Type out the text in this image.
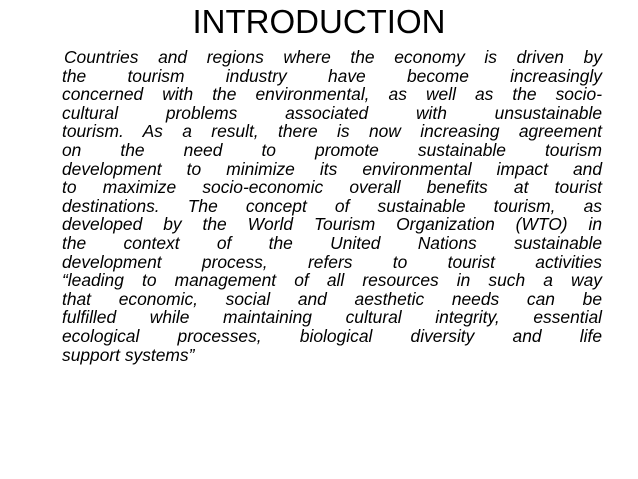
INTRODUCTION
Countries and regions where the economy is driven by
the tourism industry have become increasingly
concerned with the environmental, as well as the socio-
cultural problems associated with unsustainable
tourism. As a result, there is now increasing agreement
on the need to promote sustainable tourism
development to minimize its environmental impact and
to maximize socio-economic overall benefits at tourist
destinations. The concept of sustainable tourism, as
developed by the World Tourism Organization (WTO) in
the context of the United Nations sustainable
development process, refers to tourist activities
“leading to management of all resources in such a way
that economic, social and aesthetic needs can be
fulfilled while maintaining cultural integrity, essential
ecological processes, biological diversity and life
support systems”
